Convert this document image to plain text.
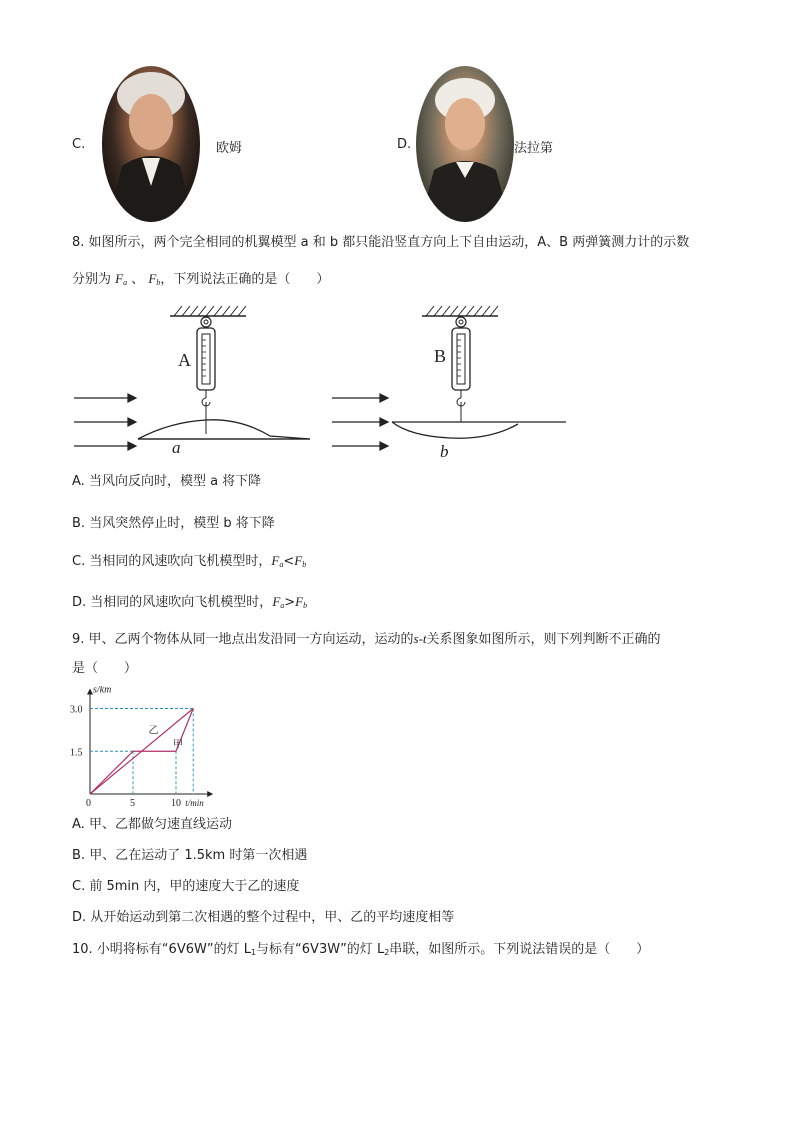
C.	欧姆	D.	法拉第
8. 如图所示，两个完全相同的机翼模型 a 和 b 都只能沿竖直方向上下自由运动，A、B 两弹簧测力计的示数
分别为 $F_a$ 、 $F_b$，下列说法正确的是（　　）
A	B
a	b
A. 当风向反向时，模型 a 将下降
B. 当风突然停止时，模型 b 将下降
C. 当相同的风速吹向飞机模型时，$F_a<F_b$
D. 当相同的风速吹向飞机模型时，$F_a>F_b$
9. 甲、乙两个物体从同一地点出发沿同一方向运动，运动的s-t关系图象如图所示，则下列判断不正确的
是（　　）
s/km
t/min
0	5	10
1.5
3.0
甲
乙
A. 甲、乙都做匀速直线运动
B. 甲、乙在运动了 1.5km 时第一次相遇
C. 前 5min 内，甲的速度大于乙的速度
D. 从开始运动到第二次相遇的整个过程中，甲、乙的平均速度相等
10. 小明将标有“6V6W”的灯 $L_1$与标有“6V3W”的灯 $L_2$串联，如图所示。下列说法错误的是（　　）
